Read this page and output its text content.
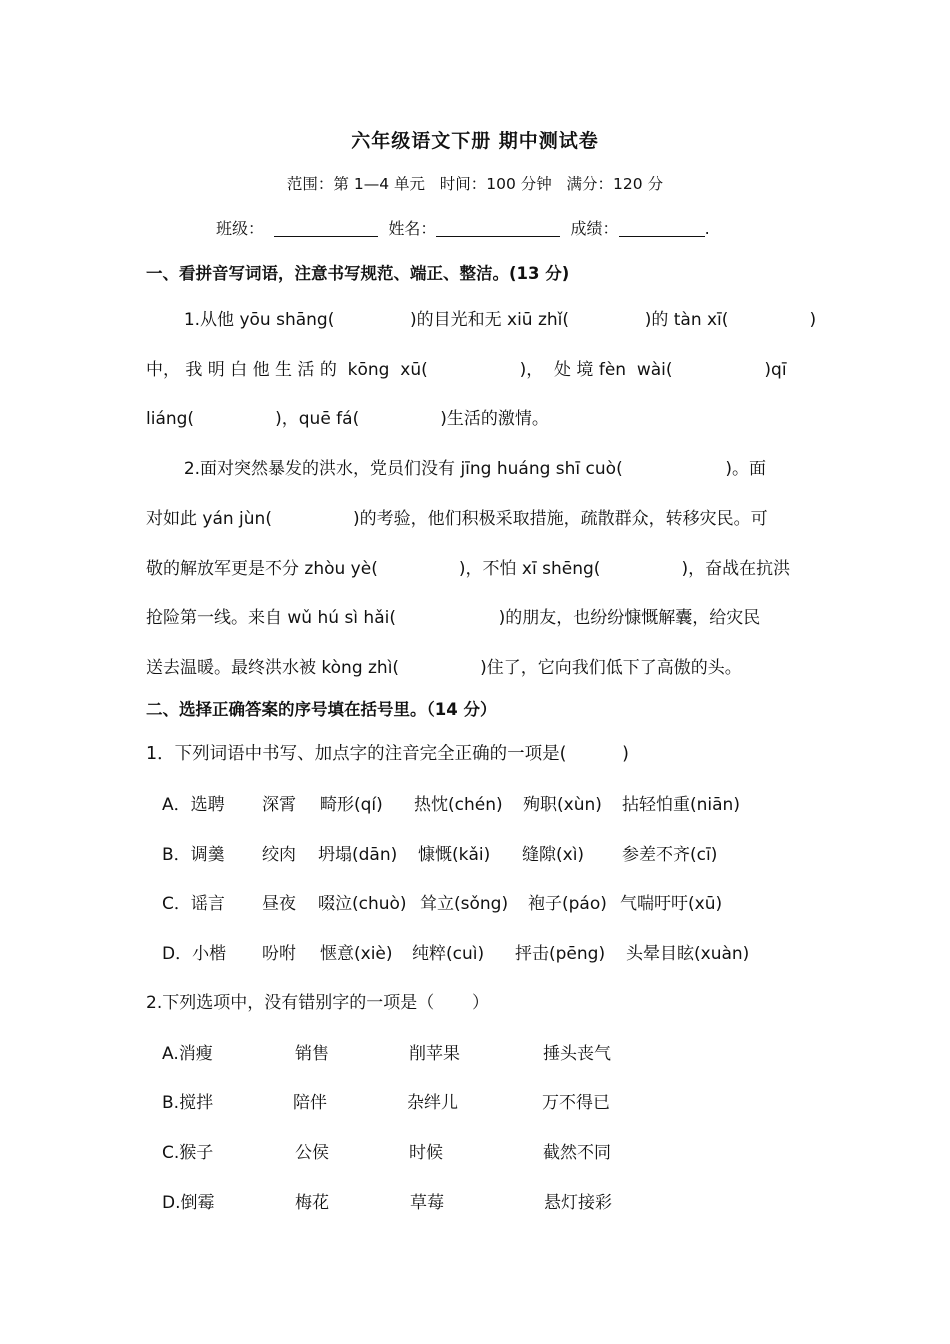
六年级语文下册 期中测试卷
范围：第 1—4 单元   时间：100 分钟   满分：120 分
班级：	姓名：	成绩：	.
一、看拼音写词语，注意书写规范、端正、整洁。(13 分)
1.从他 yōu shāng(              )的目光和无 xiū zhǐ(              )的 tàn xī(               )
中， 我 明 白 他 生 活 的  kōng  xū(                 )，  处 境 fèn  wài(                 )qī
liáng(               )，quē fá(               )生活的激情。
2.面对突然暴发的洪水，党员们没有 jīng huáng shī cuò(                   )。面
对如此 yán jùn(               )的考验，他们积极采取措施，疏散群众，转移灾民。可
敬的解放军更是不分 zhòu yè(               )，不怕 xī shēng(               )，奋战在抗洪
抢险第一线。来自 wǔ hú sì hǎi(                   )的朋友，也纷纷慷慨解囊，给灾民
送去温暖。最终洪水被 kòng zhì(               )住了，它向我们低下了高傲的头。
二、选择正确答案的序号填在括号里。（14 分）
1．下列词语中书写、加点字的注音完全正确的一项是(          )
A．选聘 深霄 畸形(qí) 热忱(chén) 殉职(xùn) 拈轻怕重(niān)
B．调羹 绞肉 坍塌(dān) 慷慨(kǎi) 缝隙(xì) 参差不齐(cī)
C．谣言 昼夜 啜泣(chuò) 耸立(sǒng) 袍子(páo) 气喘吁吁(xū)
D．小楷 吩咐 惬意(xiè) 纯粹(cuì) 抨击(pēng) 头晕目眩(xuàn)
2.下列选项中，没有错别字的一项是（       ）
A.消瘦	销售	削苹果	捶头丧气
B.搅拌	陪伴	杂绊儿	万不得已
C.猴子	公侯	时候	截然不同
D.倒霉	梅花	草莓	悬灯接彩
